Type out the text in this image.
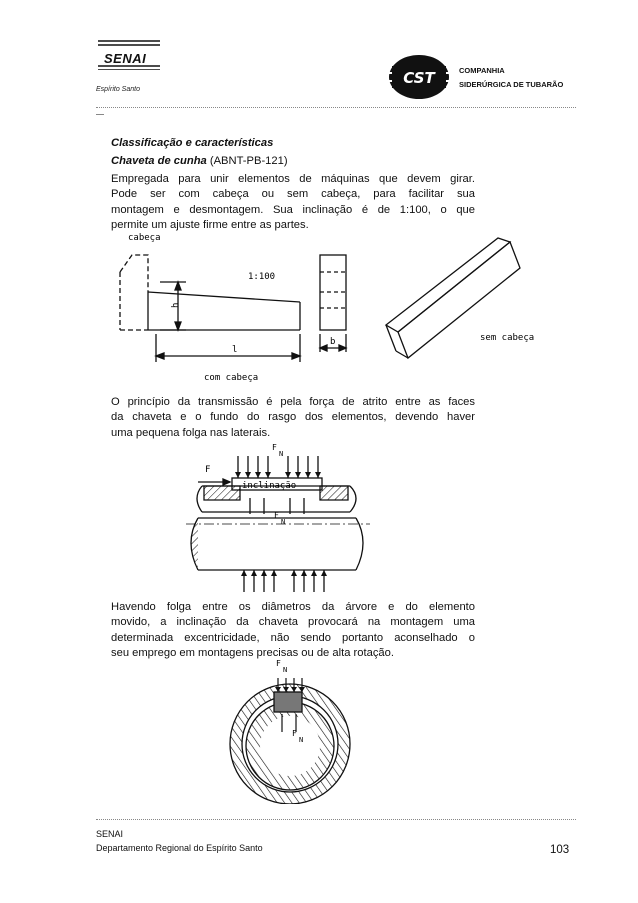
SENAI
Espírito Santo
CST	COMPANHIA
SIDERÚRGICA DE TUBARÃO
Classificação e características
Chaveta de cunha (ABNT-PB-121)
Empregada para unir elementos de máquinas que devem girar.
Pode ser com cabeça ou sem cabeça, para facilitar sua
montagem e desmontagem. Sua inclinação é de 1:100, o que
permite um ajuste firme entre as partes.
cabeça
1:100
h
l
b
com cabeça
sem cabeça
O princípio da transmissão é pela força de atrito entre as faces
da chaveta e o fundo do rasgo dos elementos, devendo haver
uma pequena folga nas laterais.
F
F
N
inclinação
F
N
Havendo folga entre os diâmetros da árvore e do elemento
movido, a inclinação da chaveta provocará na montagem uma
determinada excentricidade, não sendo portanto aconselhado o
seu emprego em montagens precisas ou de alta rotação.
F
N
F
N
SENAI
Departamento Regional do Espírito Santo	103
